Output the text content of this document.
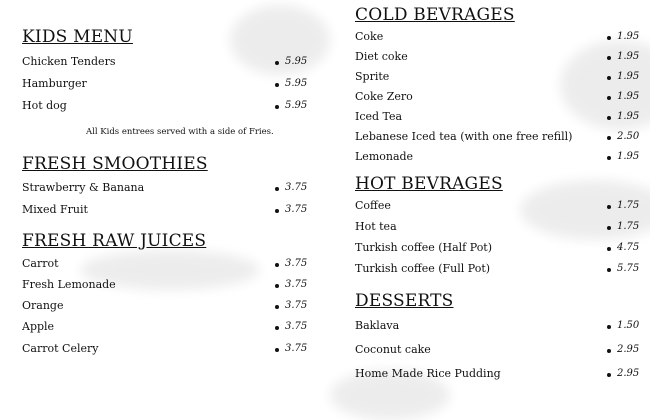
KIDS MENU
Chicken Tenders	5.95
Hamburger	5.95
Hot dog	5.95

All Kids entrees served with a side of Fries.

FRESH SMOOTHIES
Strawberry & Banana	3.75
Mixed Fruit	3.75
FRESH RAW JUICES
Carrot	3.75
Fresh Lemonade	3.75
Orange	3.75
Apple	3.75
Carrot Celery	3.75
COLD BEVRAGES
Coke	1.95
Diet coke	1.95
Sprite	1.95
Coke Zero	1.95
Iced Tea	1.95
Lebanese Iced tea (with one free refill)	2.50
Lemonade	1.95
HOT BEVRAGES
Coffee	1.75
Hot tea	1.75
Turkish coffee (Half Pot)	4.75
Turkish coffee (Full Pot)	5.75
DESSERTS
Baklava	1.50
Coconut cake	2.95
Home Made Rice Pudding	2.95
